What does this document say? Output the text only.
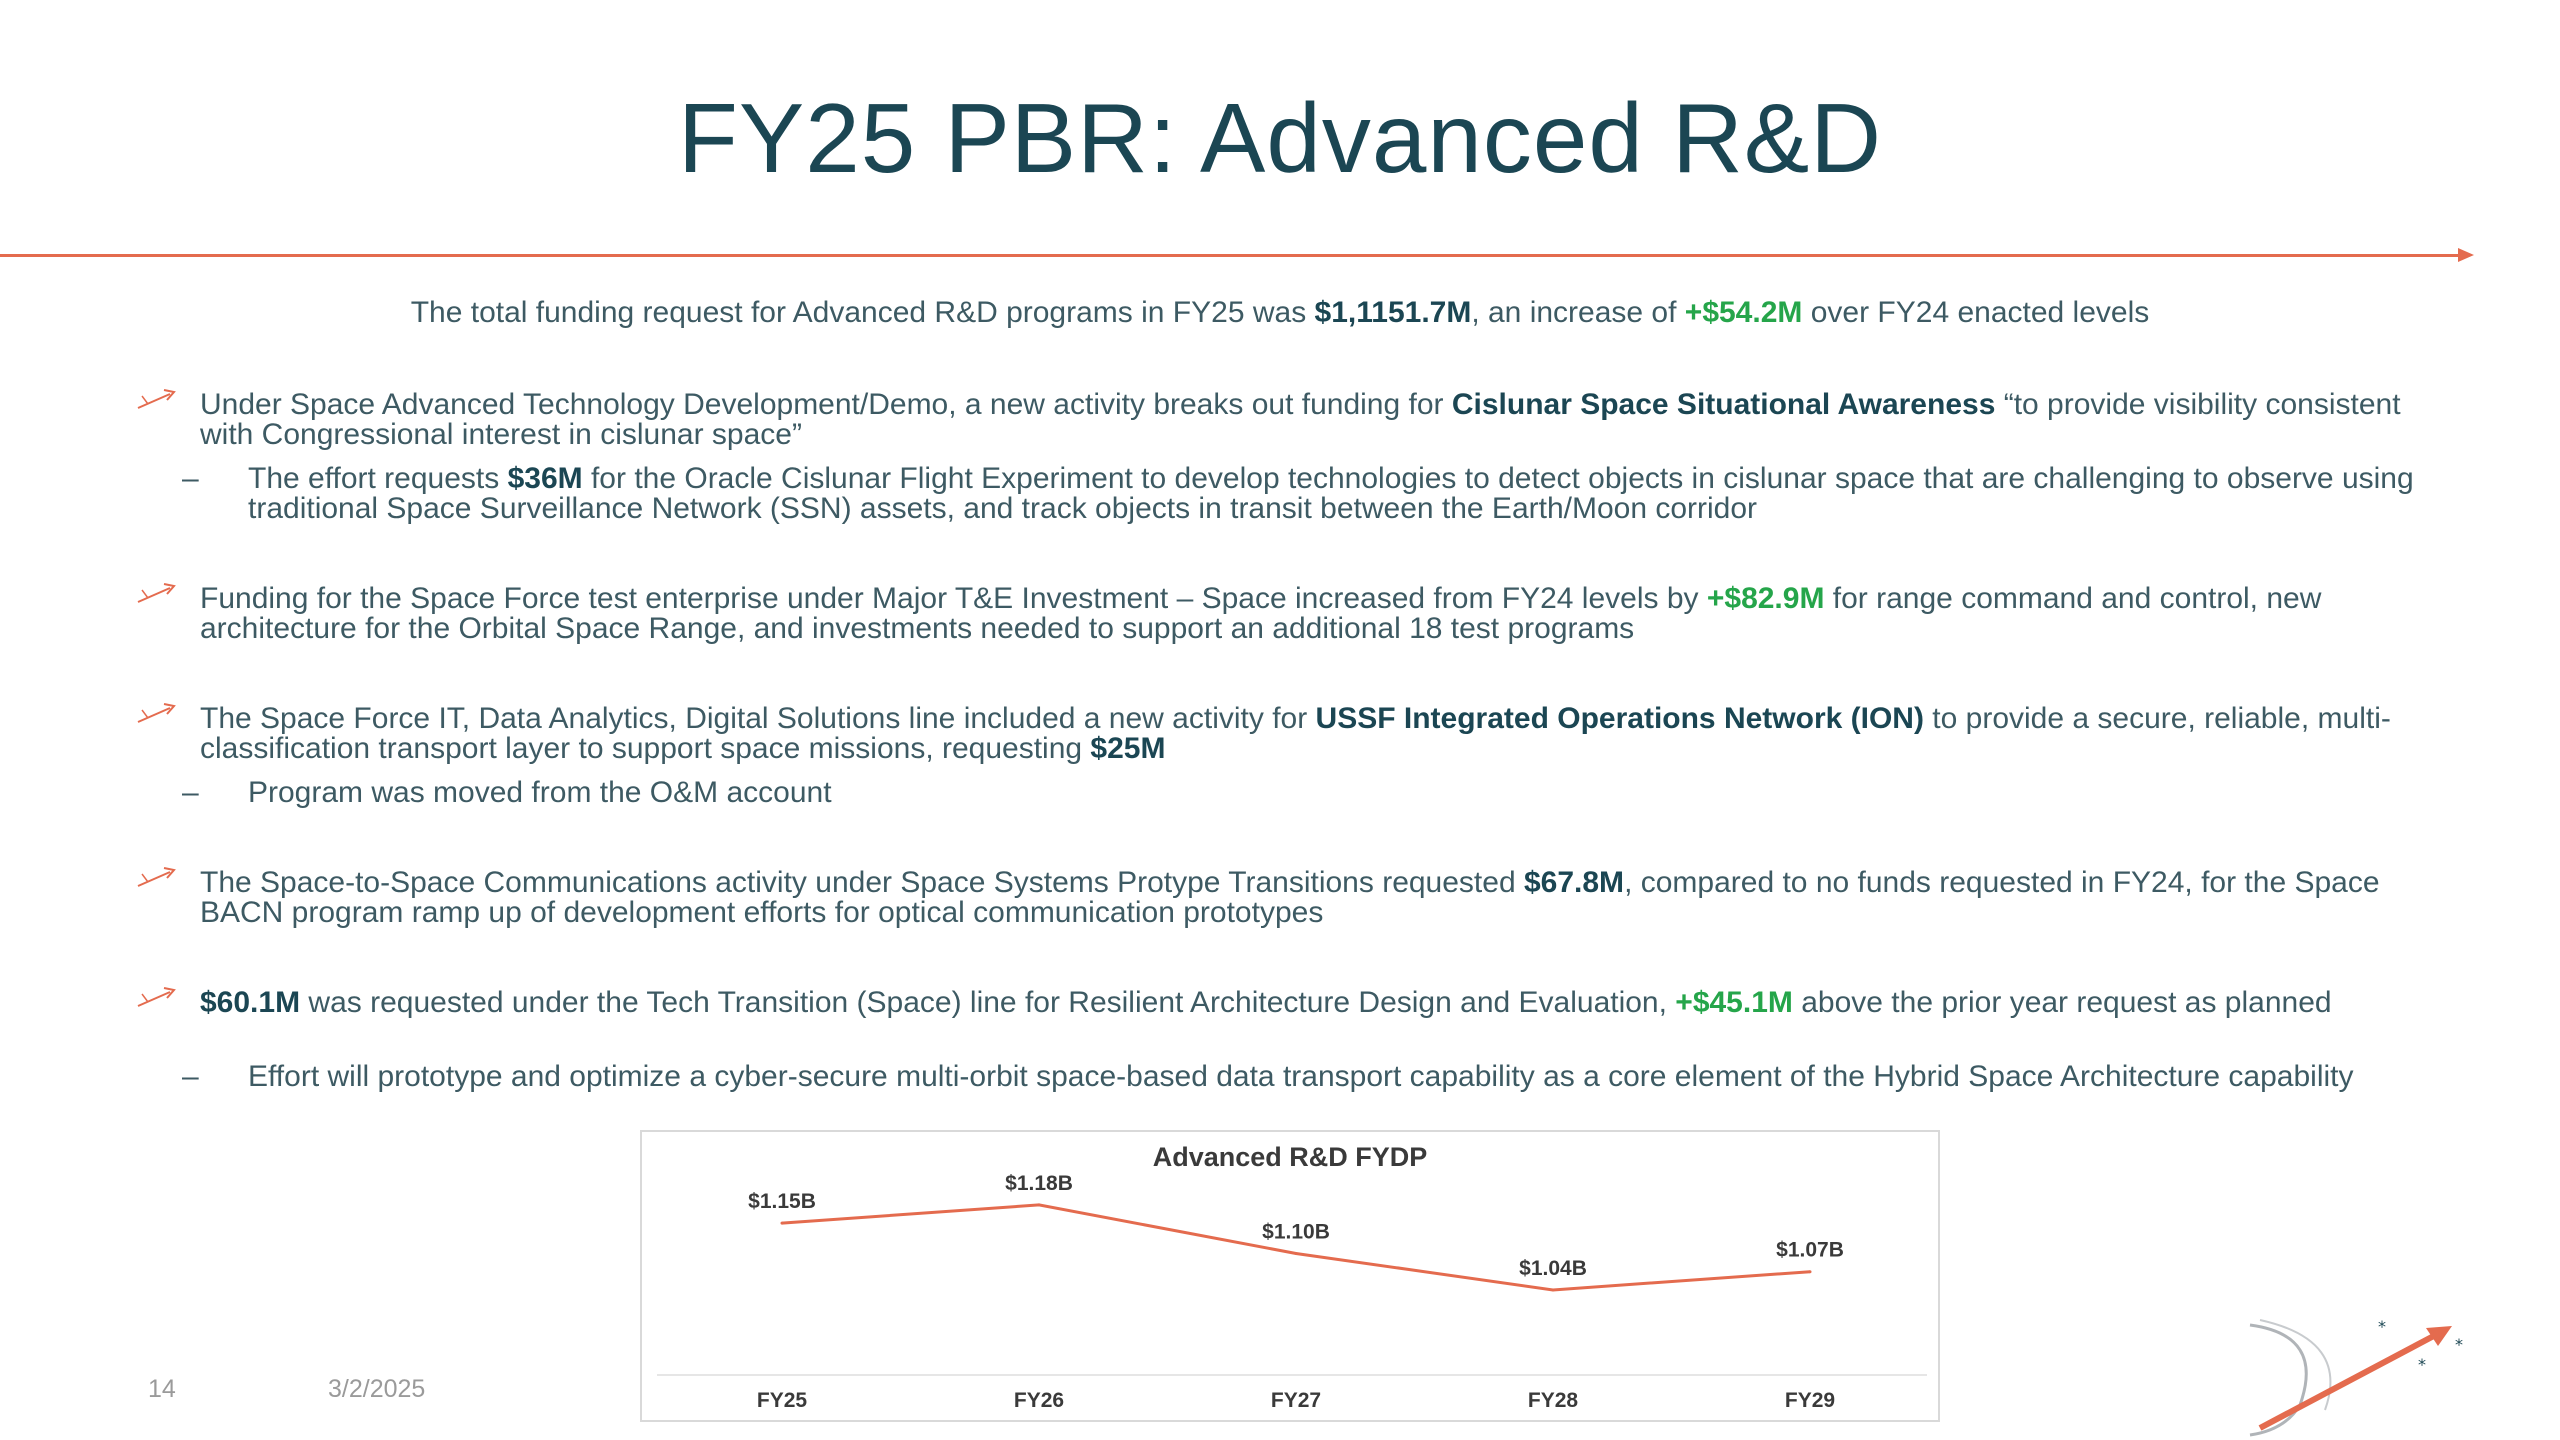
FY25 PBR: Advanced R&D
The total funding request for Advanced R&D programs in FY25 was $1,1151.7M, an increase of +$54.2M over FY24 enacted levels
Under Space Advanced Technology Development/Demo, a new activity breaks out funding for Cislunar Space Situational Awareness “to provide visibility consistent with Congressional interest in cislunar space”
– The effort requests $36M for the Oracle Cislunar Flight Experiment to develop technologies to detect objects in cislunar space that are challenging to observe using traditional Space Surveillance Network (SSN) assets, and track objects in transit between the Earth/Moon corridor
Funding for the Space Force test enterprise under Major T&E Investment – Space increased from FY24 levels by +$82.9M for range command and control, new architecture for the Orbital Space Range, and investments needed to support an additional 18 test programs
The Space Force IT, Data Analytics, Digital Solutions line included a new activity for USSF Integrated Operations Network (ION) to provide a secure, reliable, multi-classification transport layer to support space missions, requesting $25M
– Program was moved from the O&M account
The Space-to-Space Communications activity under Space Systems Protype Transitions requested $67.8M, compared to no funds requested in FY24, for the Space BACN program ramp up of development efforts for optical communication prototypes
$60.1M was requested under the Tech Transition (Space) line for Resilient Architecture Design and Evaluation, +$45.1M above the prior year request as planned
– Effort will prototype and optimize a cyber-secure multi-orbit space-based data transport capability as a core element of the Hybrid Space Architecture capability
Advanced R&D FYDP
$1.15B
FY25
$1.18B
FY26
$1.10B
FY27
$1.04B
FY28
$1.07B
FY29
14	3/2/2025
*
*
*
